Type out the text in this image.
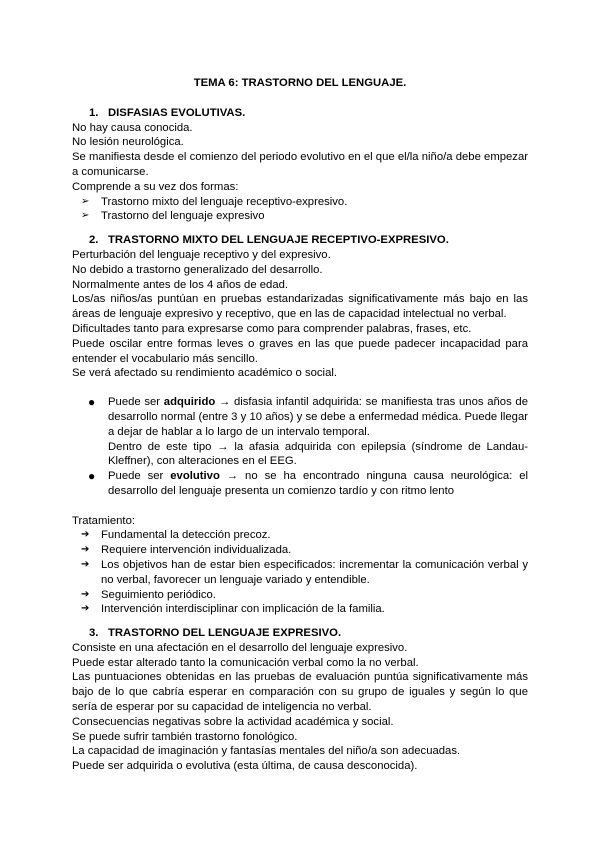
TEMA 6: TRASTORNO DEL LENGUAJE.

1. DISFASIAS EVOLUTIVAS.

No hay causa conocida.

No lesión neurológica.

Se manifiesta desde el comienzo del periodo evolutivo en el que el/la niño/a debe empezar a comunicarse.

Comprende a su vez dos formas:

➢ Trastorno mixto del lenguaje receptivo-expresivo.
➢ Trastorno del lenguaje expresivo

2. TRASTORNO MIXTO DEL LENGUAJE RECEPTIVO-EXPRESIVO.

Perturbación del lenguaje receptivo y del expresivo.

No debido a trastorno generalizado del desarrollo.

Normalmente antes de los 4 años de edad.

Los/as niños/as puntúan en pruebas estandarizadas significativamente más bajo en las áreas de lenguaje expresivo y receptivo, que en las de capacidad intelectual no verbal.

Dificultades tanto para expresarse como para comprender palabras, frases, etc.

Puede oscilar entre formas leves o graves en las que puede padecer incapacidad para entender el vocabulario más sencillo.

Se verá afectado su rendimiento académico o social.

● Puede ser adquirido → disfasia infantil adquirida: se manifiesta tras unos años de desarrollo normal (entre 3 y 10 años) y se debe a enfermedad médica. Puede llegar a dejar de hablar a lo largo de un intervalo temporal.
Dentro de este tipo → la afasia adquirida con epilepsia (síndrome de Landau-Kleffner), con alteraciones en el EEG.
● Puede ser evolutivo → no se ha encontrado ninguna causa neurológica: el desarrollo del lenguaje presenta un comienzo tardío y con ritmo lento

Tratamiento:

➔ Fundamental la detección precoz.
➔ Requiere intervención individualizada.
➔ Los objetivos han de estar bien especificados: incrementar la comunicación verbal y no verbal, favorecer un lenguaje variado y entendible.
➔ Seguimiento periódico.
➔ Intervención interdisciplinar con implicación de la familia.

3. TRASTORNO DEL LENGUAJE EXPRESIVO.

Consiste en una afectación en el desarrollo del lenguaje expresivo.

Puede estar alterado tanto la comunicación verbal como la no verbal.

Las puntuaciones obtenidas en las pruebas de evaluación puntúa significativamente más bajo de lo que cabría esperar en comparación con su grupo de iguales y según lo que sería de esperar por su capacidad de inteligencia no verbal.

Consecuencias negativas sobre la actividad académica y social.

Se puede sufrir también trastorno fonológico.

La capacidad de imaginación y fantasías mentales del niño/a son adecuadas.

Puede ser adquirida o evolutiva (esta última, de causa desconocida).
